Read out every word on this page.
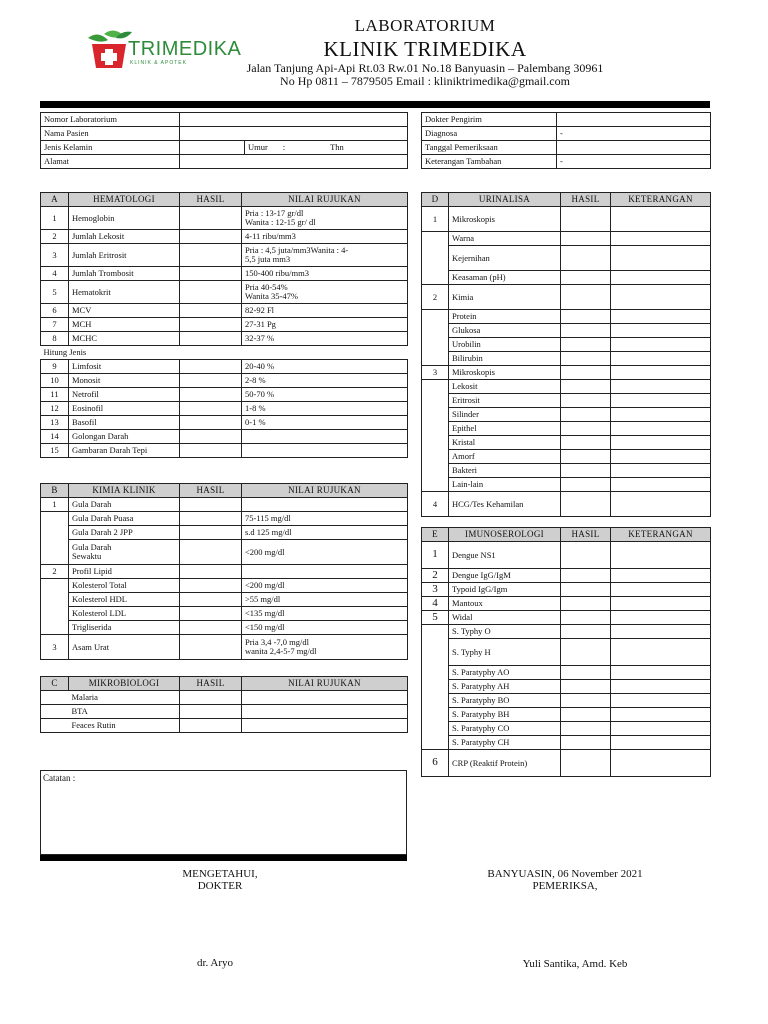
TRIMEDIKA
KLINIK & APOTEK
LABORATORIUM
KLINIK TRIMEDIKA
Jalan Tanjung Api-Api Rt.03 Rw.01 No.18 Banyuasin – Palembang 30961
No Hp 0811 – 7879505 Email : kliniktrimedika@gmail.com
Nomor Laboratorium		
Nama Pasien		
Jenis Kelamin		Umur : Thn
Alamat		
Dokter Pengirim	
Diagnosa	-
Tanggal Pemeriksaan	
Keterangan Tambahan	-
A	HEMATOLOGI	HASIL	NILAI RUJUKAN
1	Hemoglobin		Pria : 13-17 gr/dl
Wanita : 12-15 gr/ dl
2	Jumlah Lekosit		4-11 ribu/mm3
3	Jumlah Eritrosit		Pria : 4,5 juta/mm3Wanita : 4-
5,5 juta mm3
4	Jumlah Trombosit		150-400 ribu/mm3
5	Hematokrit		Pria 40-54%
Wanita 35-47%
6	MCV		82-92 Fl
7	MCH		27-31 Pg
8	MCHC		32-37 %
Hitung Jenis			
9	Limfosit		20-40 %
10	Monosit		2-8 %
11	Netrofil		50-70 %
12	Eosinofil		1-8 %
13	Basofil		0-1 %
14	Golongan Darah		
15	Gambaran Darah Tepi		
B	KIMIA KLINIK	HASIL	NILAI RUJUKAN
1	Gula Darah		
	Gula Darah Puasa		75-115 mg/dl
	Gula Darah 2 JPP		s.d 125 mg/dl
	Gula Darah
Sewaktu		<200 mg/dl
2	Profil Lipid		
	Kolesterol Total		<200 mg/dl
	Kolesterol HDL		>55 mg/dl
	Kolesterol LDL		<135 mg/dl
	Trigliserida		<150 mg/dl
3	Asam Urat		Pria 3,4 -7,0 mg/dl
wanita 2,4-5-7 mg/dl
C	MIKROBIOLOGI	HASIL	NILAI RUJUKAN
	Malaria		
	BTA		
	Feaces Rutin		
Catatan :
D	URINALISA	HASIL	KETERANGAN
1	Mikroskopis		
	Warna		
	Kejernihan		
	Keasaman (pH)		
2	Kimia		
	Protein		
	Glukosa		
	Urobilin		
	Bilirubin		
3	Mikroskopis		
	Lekosit		
	Eritrosit		
	Silinder		
	Epithel		
	Kristal		
	Amorf		
	Bakteri		
	Lain-lain		
4	HCG/Tes Kehamilan		
E	IMUNOSEROLOGI	HASIL	KETERANGAN
1	Dengue NS1		
2	Dengue IgG/IgM		
3	Typoid IgG/Igm		
4	Mantoux		
5	Widal		
	S. Typhy O		
	S. Typhy H		
	S. Paratyphy AO		
	S. Paratyphy AH		
	S. Paratyphy BO		
	S. Paratyphy BH		
	S. Paratyphy CO		
	S. Paratyphy CH		
6	CRP (Reaktif Protein)		
MENGETAHUI,
DOKTER
dr. Aryo
BANYUASIN, 06 November 2021
PEMERIKSA,
Yuli Santika, Amd. Keb
